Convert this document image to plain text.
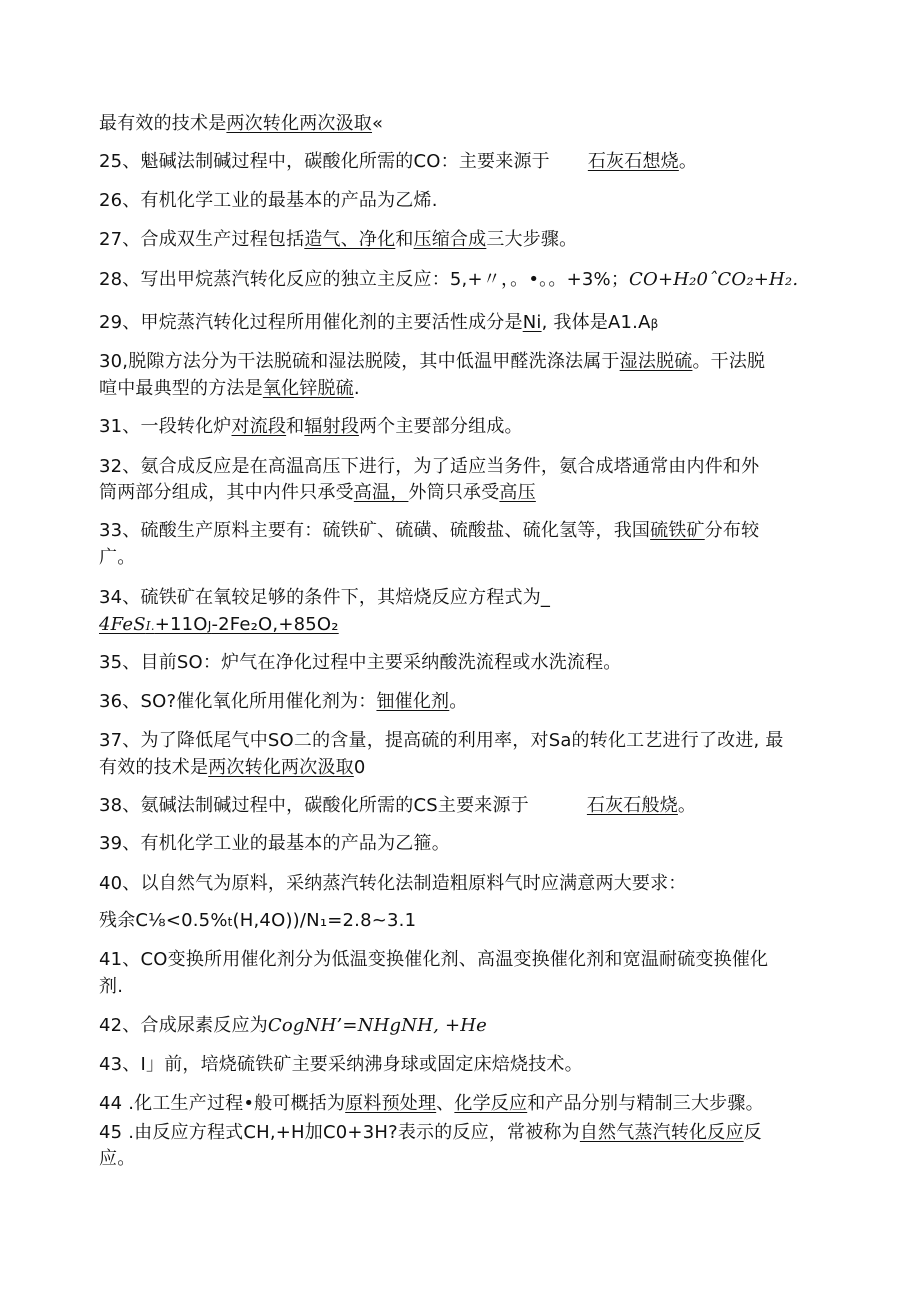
最有效的技术是两次转化两次汲取«
25、魁碱法制碱过程中，碳酸化所需的CO：主要来源于 石灰石想烧。
26、有机化学工业的最基本的产品为乙烯.
27、合成双生产过程包括造气、净化和压缩合成三大步骤。
28、写出甲烷蒸汽转化反应的独立主反应：5,+〃，。•。。+3%；CO+H₂0ˆCO₂+H₂.
29、甲烷蒸汽转化过程所用催化剂的主要活性成分是Ni, 我体是A1.Aβ
30,脱隙方法分为干法脱硫和湿法脱陵，其中低温甲醛洗涤法属于湿法脱硫。干法脱
喧中最典型的方法是氧化锌脱硫.
31、一段转化炉对流段和辐射段两个主要部分组成。
32、氨合成反应是在高温高压下进行，为了适应当务件，氨合成塔通常由内件和外
筒两部分组成，其中内件只承受高温，外筒只承受高压
33、硫酸生产原料主要有：硫铁矿、硫磺、硫酸盐、硫化氢等，我国硫铁矿分布较
广。
34、硫铁矿在氧较足够的条件下，其焙烧反应方程式为_
4FeSI.+11OJ-2Fe₂O,+85O₂
35、目前SO：炉气在净化过程中主要采纳酸洗流程或水洗流程。
36、SO?催化氧化所用催化剂为：钿催化剂。
37、为了降低尾气中SO二的含量，提高硫的利用率，对Sa的转化工艺进行了改进, 最
有效的技术是两次转化两次汲取0
38、氨碱法制碱过程中，碳酸化所需的CS主要来源于	石灰石般烧。
39、有机化学工业的最基本的产品为乙箍。
40、以自然气为原料，采纳蒸汽转化法制造粗原料气时应满意两大要求：
残余C⅛<0.5%t(H,4O))/N₁=2.8~3.1
41、CO变换所用催化剂分为低温变换催化剂、高温变换催化剂和宽温耐硫变换催化
剂.
42、合成尿素反应为CogNH’=NHgNH, +He
43、I」前，培烧硫铁矿主要采纳沸身球或固定床焙烧技术。
44 .化工生产过程•般可概括为原料预处理、化学反应和产品分别与精制三大步骤。
45 .由反应方程式CH,+H加C0+3H?表示的反应，常被称为自然气蒸汽转化反应反
应。
